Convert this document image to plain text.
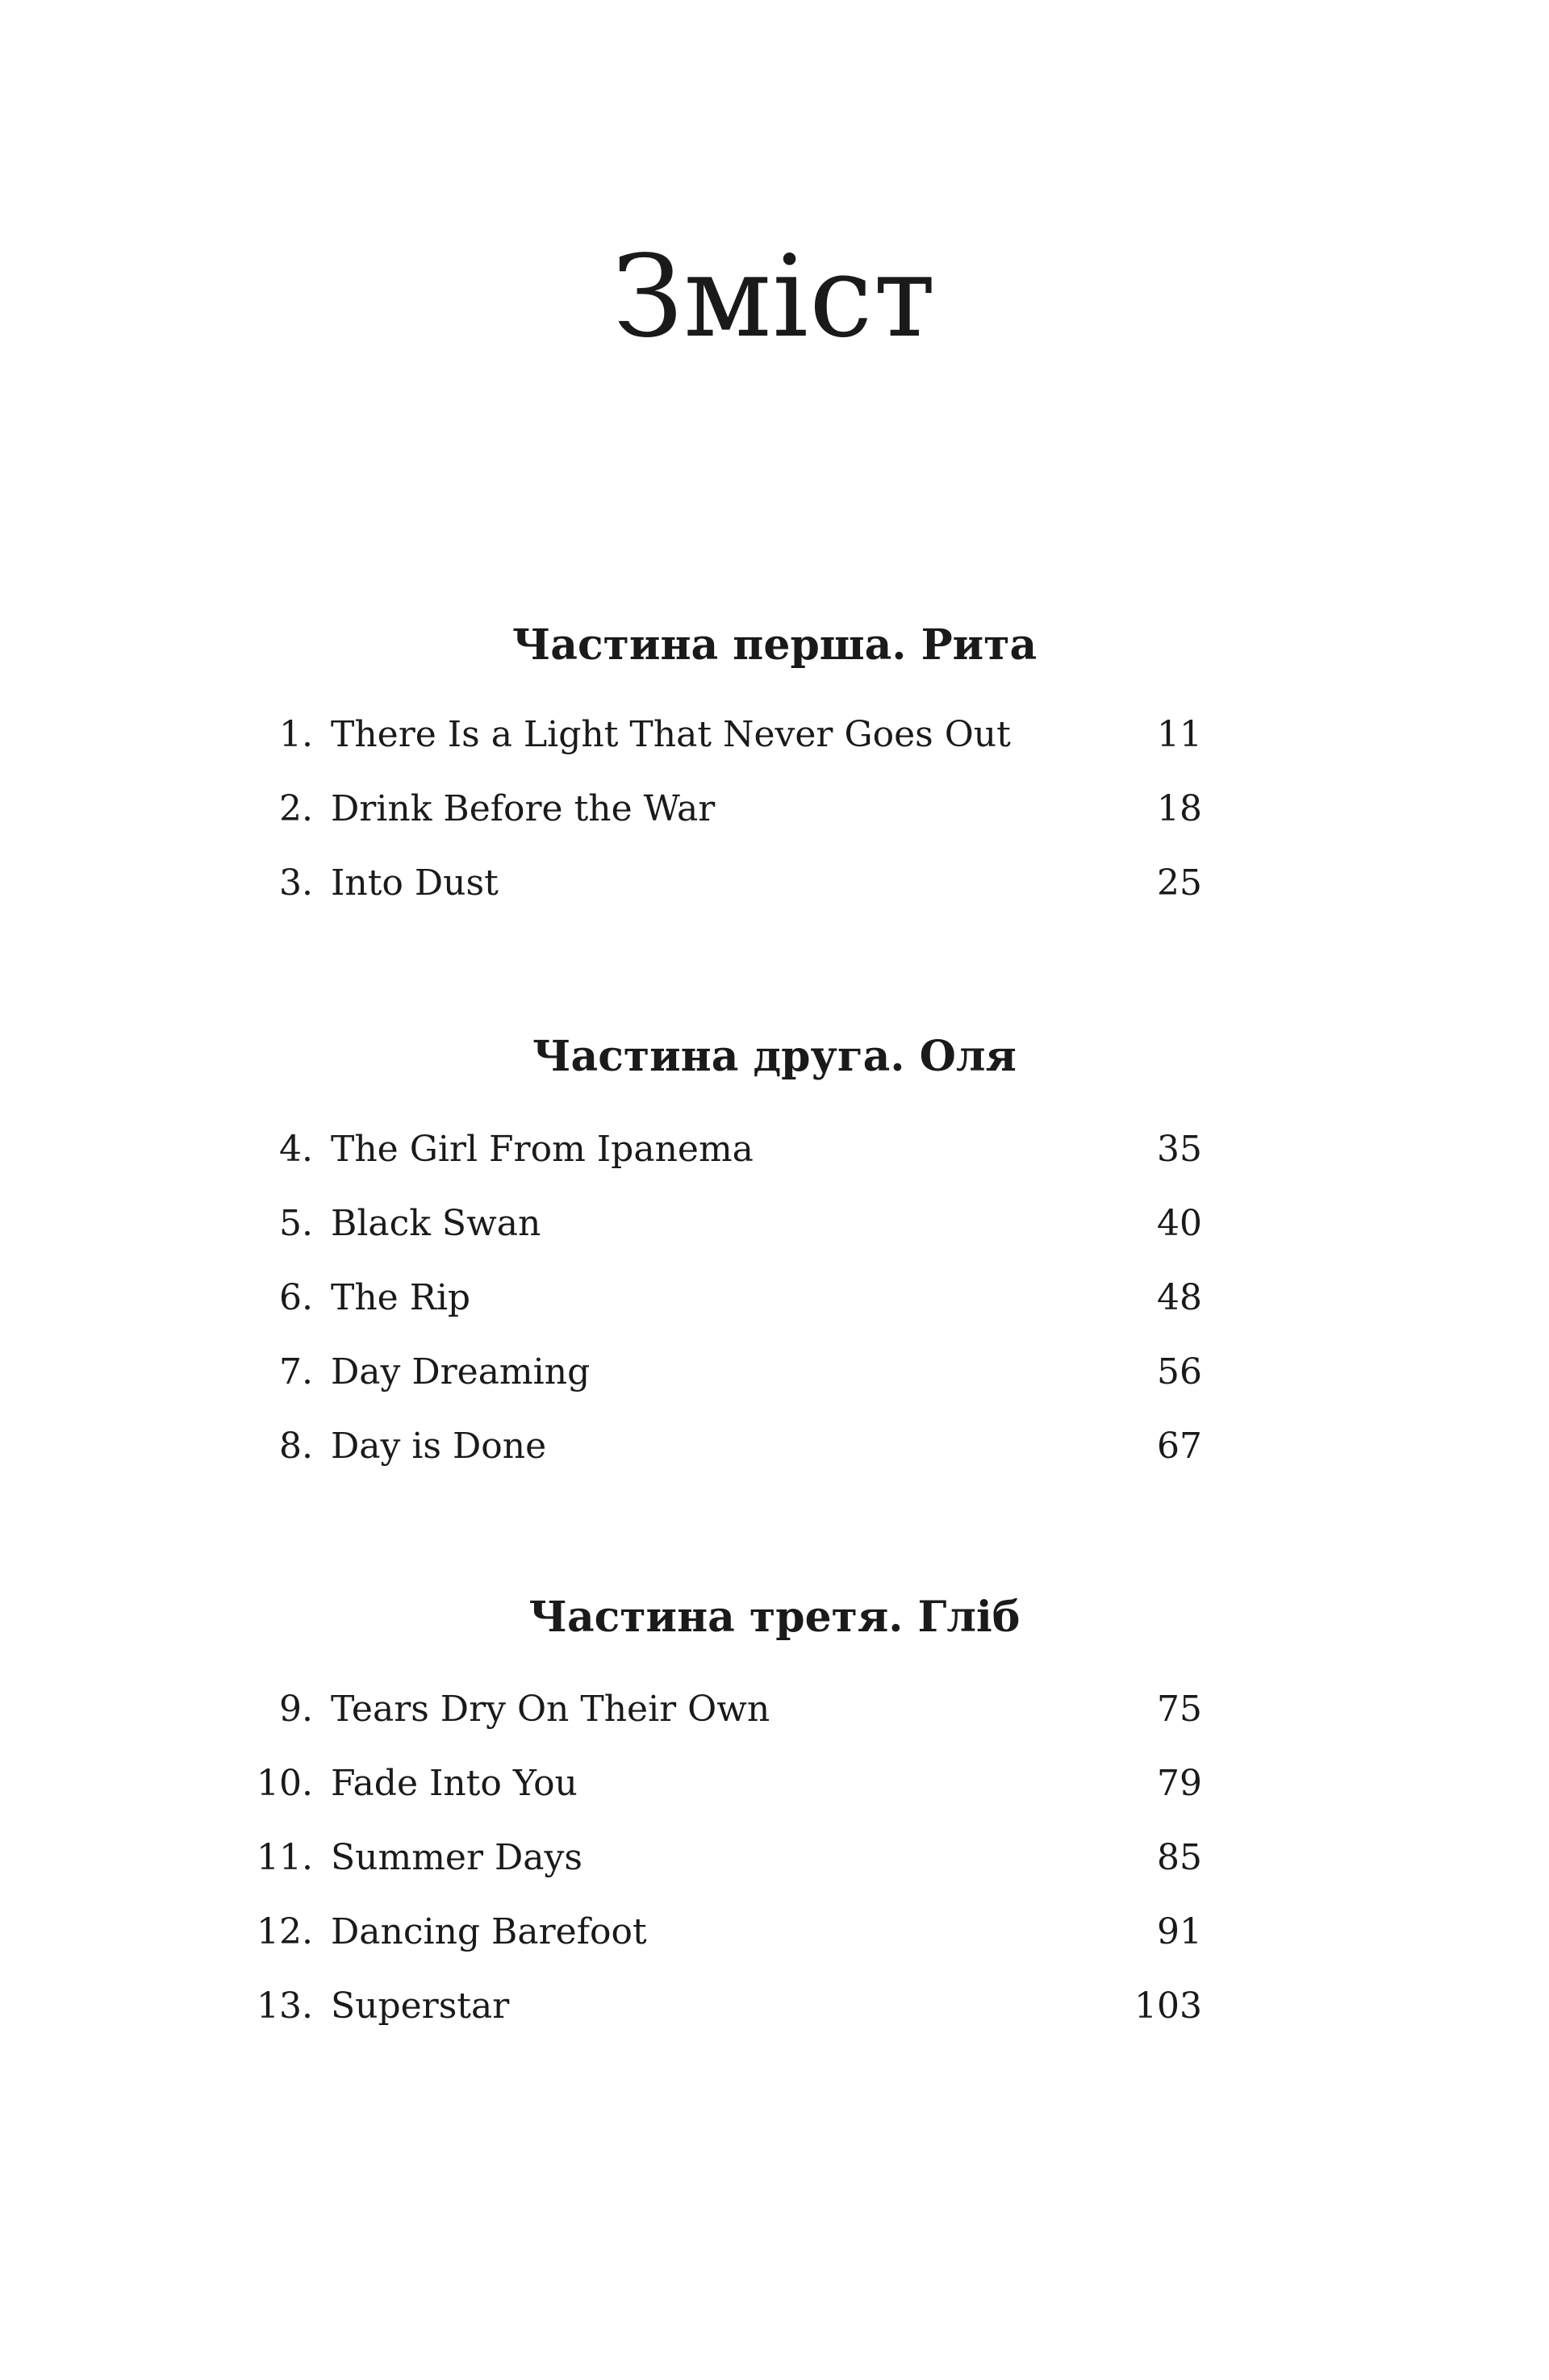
Зміст
Частина перша. Рита
1. There Is a Light That Never Goes Out	11
2. Drink Before the War	18
3. Into Dust	25
Частина друга. Оля
4. The Girl From Ipanema	35
5. Black Swan	40
6. The Rip	48
7. Day Dreaming	56
8. Day is Done	67
Частина третя. Гліб
9. Tears Dry On Their Own	75
10. Fade Into You	79
11. Summer Days	85
12. Dancing Barefoot	91
13. Superstar	103
